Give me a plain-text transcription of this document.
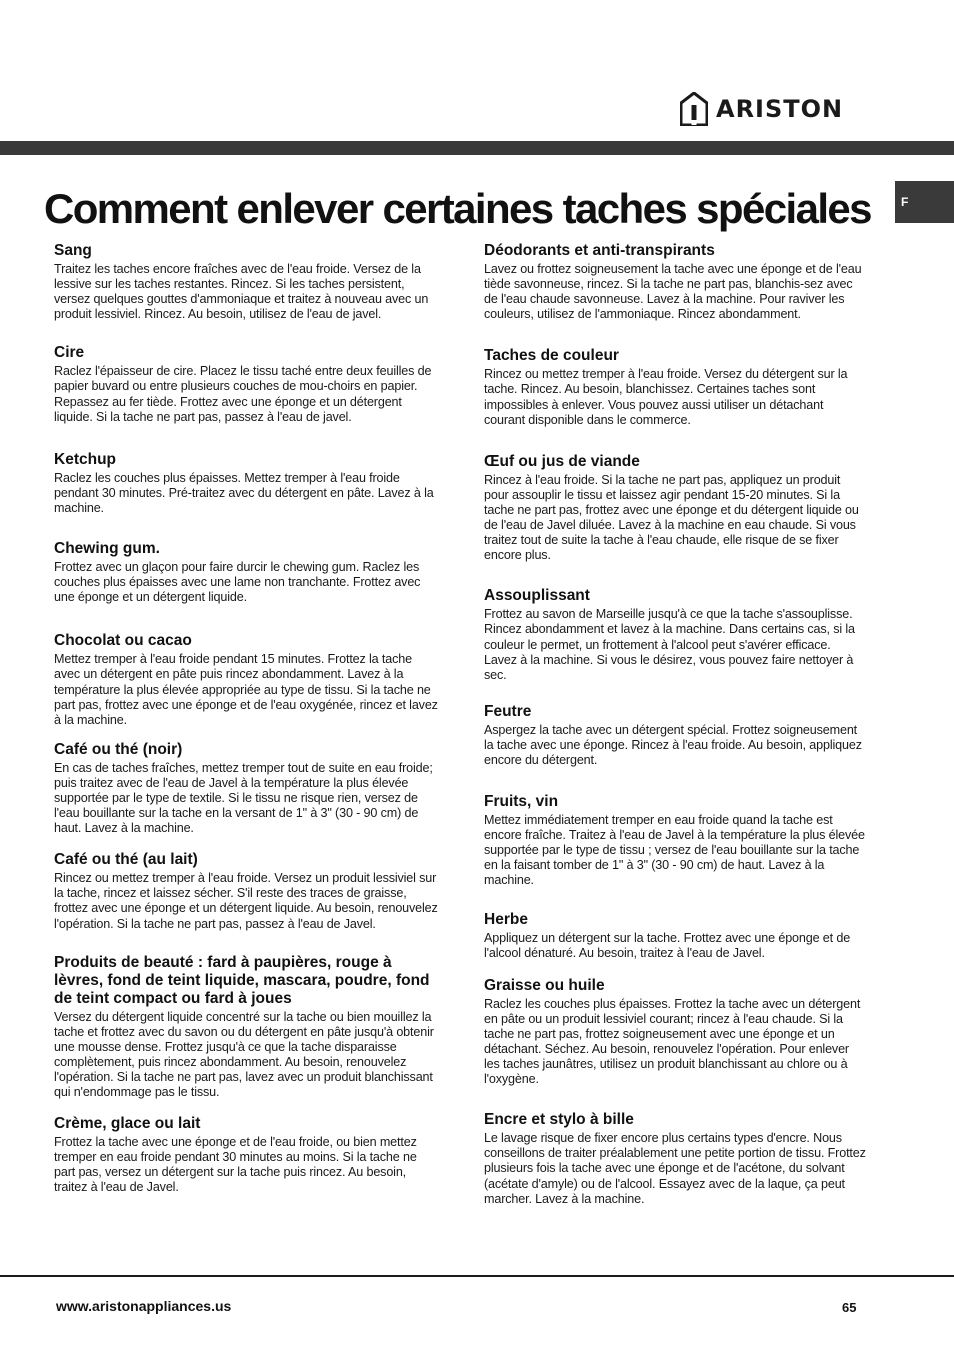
ARISTON
Comment enlever certaines taches spéciales	F
Sang

Traitez les taches encore fraîches avec de l'eau froide. Versez de la lessive sur les taches restantes. Rincez. Si les taches persistent, versez quelques gouttes d'ammoniaque et traitez à nouveau avec un produit lessiviel. Rincez. Au besoin, utilisez de l'eau de javel.

Cire

Raclez l'épaisseur de cire. Placez le tissu taché entre deux feuilles de papier buvard ou entre plusieurs couches de mou-choirs en papier. Repassez au fer tiède. Frottez avec une éponge et un détergent liquide. Si la tache ne part pas, passez à l'eau de javel.

Ketchup

Raclez les couches plus épaisses. Mettez tremper à l'eau froide pendant 30 minutes. Pré-traitez avec du détergent en pâte. Lavez à la machine.

Chewing gum.

Frottez avec un glaçon pour faire durcir le chewing gum. Raclez les couches plus épaisses avec une lame non tranchante. Frottez avec une éponge et un détergent liquide.

Chocolat ou cacao

Mettez tremper à l'eau froide pendant 15 minutes. Frottez la tache avec un détergent en pâte puis rincez abondamment. Lavez à la température la plus élevée appropriée au type de tissu. Si la tache ne part pas, frottez avec une éponge et de l'eau oxygénée, rincez et lavez à la machine.

Café ou thé (noir)

En cas de taches fraîches, mettez tremper tout de suite en eau froide; puis traitez avec de l'eau de Javel à la température la plus élevée supportée par le type de textile. Si le tissu ne risque rien, versez de l'eau bouillante sur la tache en la versant de 1" à 3" (30 - 90 cm) de haut. Lavez à la machine.

Café ou thé (au lait)

Rincez ou mettez tremper à l'eau froide. Versez un produit lessiviel sur la tache, rincez et laissez sécher. S'il reste des traces de graisse, frottez avec une éponge et un détergent liquide. Au besoin, renouvelez l'opération. Si la tache ne part pas, passez à l'eau de Javel.

Produits de beauté : fard à paupières, rouge à lèvres, fond de teint liquide, mascara, poudre, fond de teint compact ou fard à joues

Versez du détergent liquide concentré sur la tache ou bien mouillez la tache et frottez avec du savon ou du détergent en pâte jusqu'à obtenir une mousse dense. Frottez jusqu'à ce que la tache disparaisse complètement, puis rincez abondamment. Au besoin, renouvelez l'opération. Si la tache ne part pas, lavez avec un produit blanchissant qui n'endommage pas le tissu.

Crème, glace ou lait

Frottez la tache avec une éponge et de l'eau froide, ou bien mettez tremper en eau froide pendant 30 minutes au moins. Si la tache ne part pas, versez un détergent sur la tache puis rincez. Au besoin, traitez à l'eau de Javel.

Déodorants et anti-transpirants

Lavez ou frottez soigneusement la tache avec une éponge et de l'eau tiède savonneuse, rincez. Si la tache ne part pas, blanchis-sez avec de l'eau chaude savonneuse. Lavez à la machine. Pour raviver les couleurs, utilisez de l'ammoniaque. Rincez abondamment.

Taches de couleur

Rincez ou mettez tremper à l'eau froide. Versez du détergent sur la tache. Rincez. Au besoin, blanchissez. Certaines taches sont impossibles à enlever. Vous pouvez aussi utiliser un détachant courant disponible dans le commerce.

Œuf ou jus de viande

Rincez à l'eau froide. Si la tache ne part pas, appliquez un produit pour assouplir le tissu et laissez agir pendant 15-20 minutes. Si la tache ne part pas, frottez avec une éponge et du détergent liquide ou de l'eau de Javel diluée. Lavez à la machine en eau chaude. Si vous traitez tout de suite la tache à l'eau chaude, elle risque de se fixer encore plus.

Assouplissant

Frottez au savon de Marseille jusqu'à ce que la tache s'assouplisse. Rincez abondamment et lavez à la machine. Dans certains cas, si la couleur le permet, un frottement à l'alcool peut s'avérer efficace. Lavez à la machine. Si vous le désirez, vous pouvez faire nettoyer à sec.

Feutre

Aspergez la tache avec un détergent spécial. Frottez soigneusement la tache avec une éponge. Rincez à l'eau froide. Au besoin, appliquez encore du détergent.

Fruits, vin

Mettez immédiatement tremper en eau froide quand la tache est encore fraîche. Traitez à l'eau de Javel à la température la plus élevée supportée par le type de tissu ; versez de l'eau bouillante sur la tache en la faisant tomber de 1" à 3" (30 - 90 cm) de haut. Lavez à la machine.

Herbe

Appliquez un détergent sur la tache. Frottez avec une éponge et de l'alcool dénaturé. Au besoin, traitez à l'eau de Javel.

Graisse ou huile

Raclez les couches plus épaisses. Frottez la tache avec un détergent en pâte ou un produit lessiviel courant; rincez à l'eau chaude. Si la tache ne part pas, frottez soigneusement avec une éponge et un détachant. Séchez. Au besoin, renouvelez l'opération. Pour enlever les taches jaunâtres, utilisez un produit blanchissant au chlore ou à l'oxygène.

Encre et stylo à bille

Le lavage risque de fixer encore plus certains types d'encre. Nous conseillons de traiter préalablement une petite portion de tissu. Frottez plusieurs fois la tache avec une éponge et de l'acétone, du solvant (acétate d'amyle) ou de l'alcool. Essayez avec de la laque, ça peut marcher. Lavez à la machine.

www.aristonappliances.us	65
